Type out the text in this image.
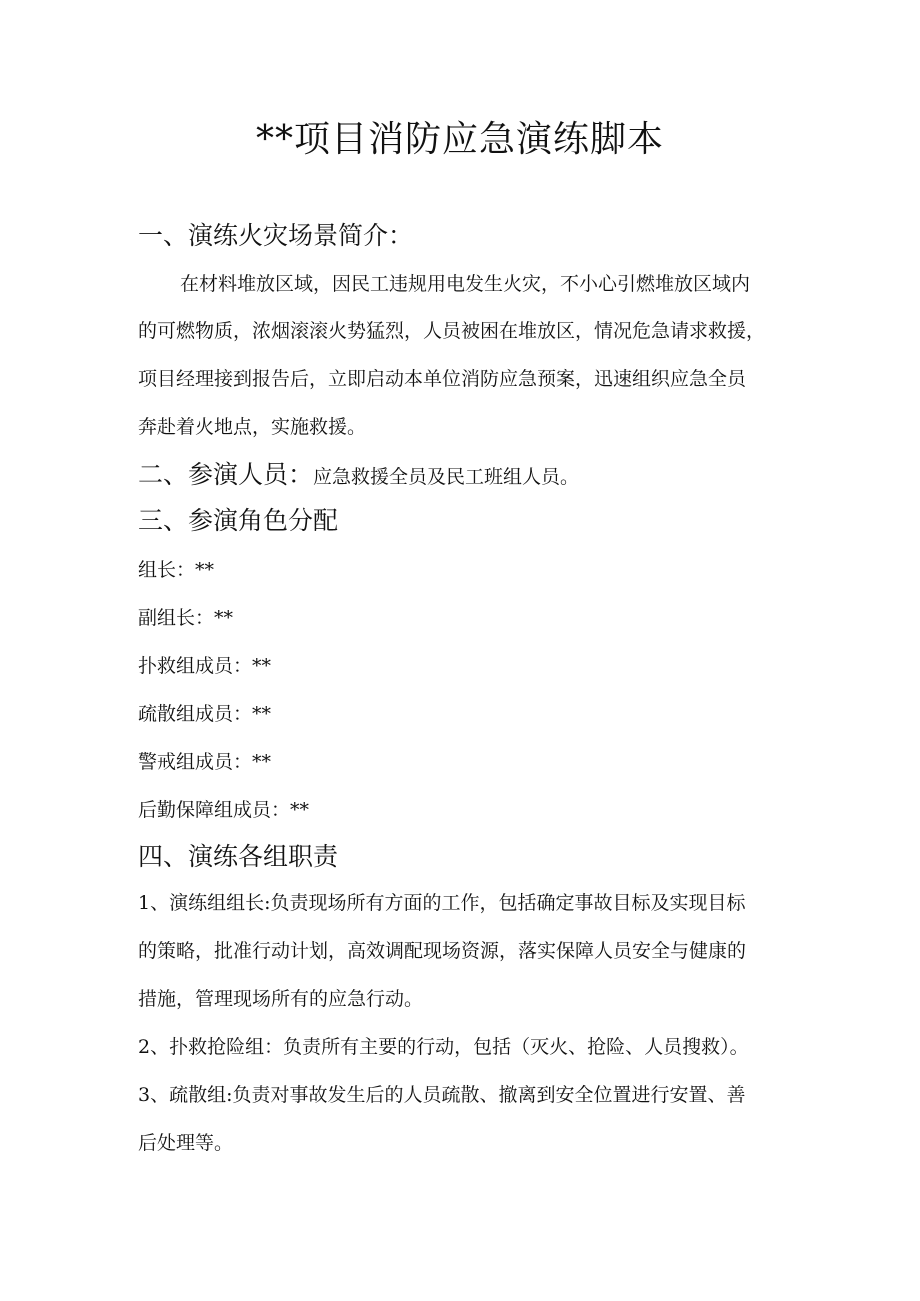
**项目消防应急演练脚本
一、演练火灾场景简介：
在材料堆放区域，因民工违规用电发生火灾，不小心引燃堆放区域内
的可燃物质，浓烟滚滚火势猛烈，人员被困在堆放区，情况危急请求救援，
项目经理接到报告后，立即启动本单位消防应急预案，迅速组织应急全员
奔赴着火地点，实施救援。
二、参演人员：应急救援全员及民工班组人员。
三、参演角色分配
组长：**
副组长：**
扑救组成员：**
疏散组成员：**
警戒组成员：**
后勤保障组成员：**
四、演练各组职责
1、演练组组长:负责现场所有方面的工作，包括确定事故目标及实现目标
的策略，批准行动计划，高效调配现场资源，落实保障人员安全与健康的
措施，管理现场所有的应急行动。
2、扑救抢险组：负责所有主要的行动，包括（灭火、抢险、人员搜救）。
3、疏散组:负责对事故发生后的人员疏散、撤离到安全位置进行安置、善
后处理等。
